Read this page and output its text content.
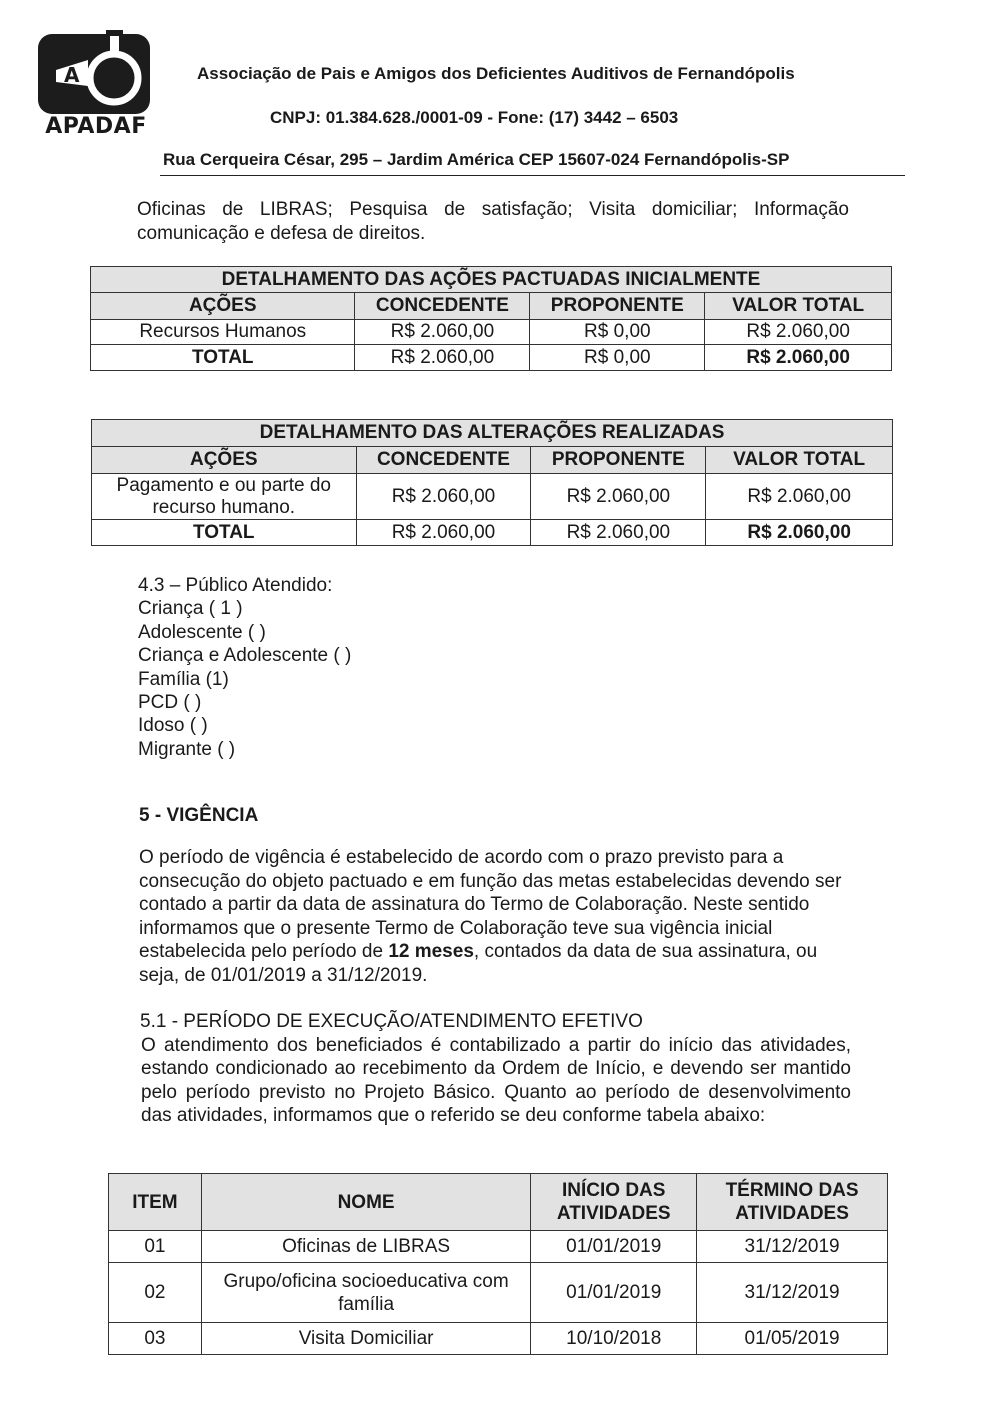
A
APADAF
Associação de Pais e Amigos dos Deficientes Auditivos de Fernandópolis
CNPJ: 01.384.628./0001-09 - Fone: (17) 3442 – 6503
Rua Cerqueira César, 295 – Jardim América CEP 15607-024 Fernandópolis-SP
Oficinas de LIBRAS; Pesquisa de satisfação; Visita domiciliar; Informação comunicação e defesa de direitos.
DETALHAMENTO DAS AÇÕES PACTUADAS INICIALMENTE			
AÇÕES	CONCEDENTE	PROPONENTE	VALOR TOTAL
Recursos Humanos	R$ 2.060,00	R$ 0,00	R$ 2.060,00
TOTAL	R$ 2.060,00	R$ 0,00	R$ 2.060,00
DETALHAMENTO DAS ALTERAÇÕES REALIZADAS			
AÇÕES	CONCEDENTE	PROPONENTE	VALOR TOTAL
Pagamento e ou parte do recurso humano.	R$ 2.060,00	R$ 2.060,00	R$ 2.060,00
TOTAL	R$ 2.060,00	R$ 2.060,00	R$ 2.060,00
4.3 – Público Atendido:
Criança ( 1 )
Adolescente ( )
Criança e Adolescente ( )
Família (1)
PCD ( )
Idoso ( )
Migrante ( )
5 - VIGÊNCIA
O período de vigência é estabelecido de acordo com o prazo previsto para a consecução do objeto pactuado e em função das metas estabelecidas devendo ser contado a partir da data de assinatura do Termo de Colaboração. Neste sentido informamos que o presente Termo de Colaboração teve sua vigência inicial estabelecida pelo período de 12 meses, contados da data de sua assinatura, ou seja, de 01/01/2019 a 31/12/2019.
5.1 - PERÍODO DE EXECUÇÃO/ATENDIMENTO EFETIVO
O atendimento dos beneficiados é contabilizado a partir do início das atividades, estando condicionado ao recebimento da Ordem de Início, e devendo ser mantido pelo período previsto no Projeto Básico. Quanto ao período de desenvolvimento das atividades, informamos que o referido se deu conforme tabela abaixo:
ITEM	NOME	INÍCIO DAS ATIVIDADES	TÉRMINO DAS ATIVIDADES
01	Oficinas de LIBRAS	01/01/2019	31/12/2019
02	Grupo/oficina socioeducativa com família	01/01/2019	31/12/2019
03	Visita Domiciliar	10/10/2018	01/05/2019
